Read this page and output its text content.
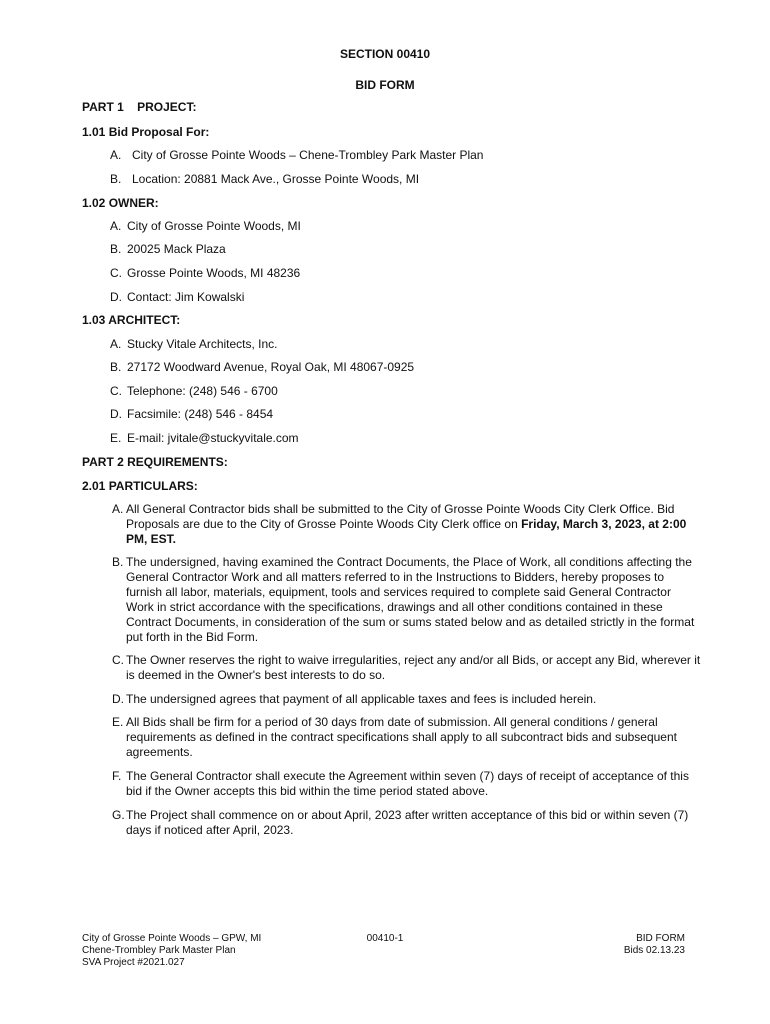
SECTION 00410
BID FORM
PART 1    PROJECT:
1.01 Bid Proposal For:
A. City of Grosse Pointe Woods – Chene-Trombley Park Master Plan
B. Location: 20881 Mack Ave., Grosse Pointe Woods, MI
1.02 OWNER:
A. City of Grosse Pointe Woods, MI
B. 20025 Mack Plaza
C. Grosse Pointe Woods, MI 48236
D. Contact: Jim Kowalski
1.03 ARCHITECT:
A. Stucky Vitale Architects, Inc.
B. 27172 Woodward Avenue, Royal Oak, MI 48067-0925
C. Telephone: (248) 546 - 6700
D. Facsimile: (248) 546 - 8454
E. E-mail: jvitale@stuckyvitale.com
PART 2 REQUIREMENTS:
2.01 PARTICULARS:
A. All General Contractor bids shall be submitted to the City of Grosse Pointe Woods City Clerk Office. Bid Proposals are due to the City of Grosse Pointe Woods City Clerk office on Friday, March 3, 2023, at 2:00 PM, EST.
B. The undersigned, having examined the Contract Documents, the Place of Work, all conditions affecting the General Contractor Work and all matters referred to in the Instructions to Bidders, hereby proposes to furnish all labor, materials, equipment, tools and services required to complete said General Contractor Work in strict accordance with the specifications, drawings and all other conditions contained in these Contract Documents, in consideration of the sum or sums stated below and as detailed strictly in the format put forth in the Bid Form.
C. The Owner reserves the right to waive irregularities, reject any and/or all Bids, or accept any Bid, wherever it is deemed in the Owner's best interests to do so.
D. The undersigned agrees that payment of all applicable taxes and fees is included herein.
E. All Bids shall be firm for a period of 30 days from date of submission. All general conditions / general requirements as defined in the contract specifications shall apply to all subcontract bids and subsequent agreements.
F. The General Contractor shall execute the Agreement within seven (7) days of receipt of acceptance of this bid if the Owner accepts this bid within the time period stated above.
G. The Project shall commence on or about April, 2023 after written acceptance of this bid or within seven (7) days if noticed after April, 2023.
City of Grosse Pointe Woods – GPW, MI
Chene-Trombley Park Master Plan
SVA Project #2021.027
00410-1	BID FORM
Bids 02.13.23
